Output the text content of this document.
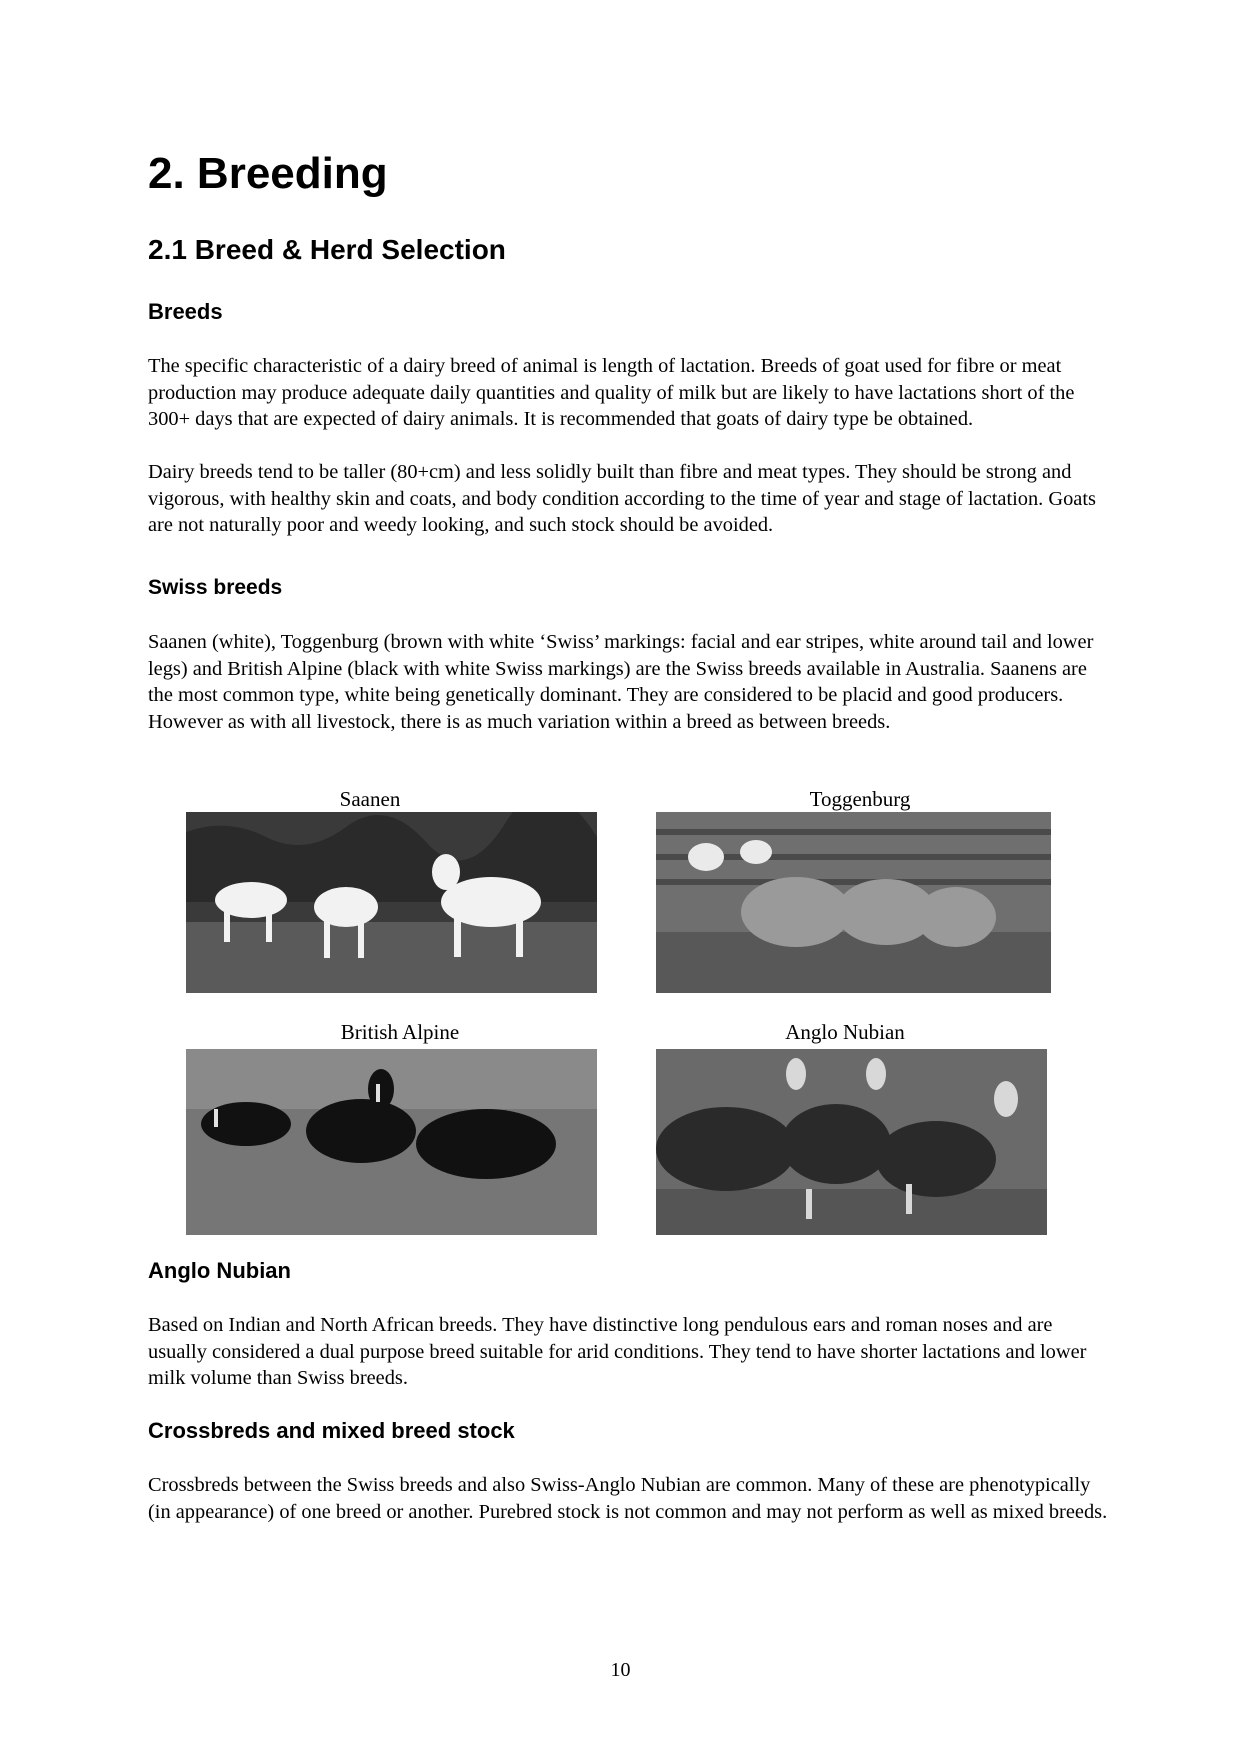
2. Breeding
2.1 Breed & Herd Selection
Breeds

The specific characteristic of a dairy breed of animal is length of lactation. Breeds of goat used for fibre or meat production may produce adequate daily quantities and quality of milk but are likely to have lactations short of the 300+ days that are expected of dairy animals. It is recommended that goats of dairy type be obtained.

Dairy breeds tend to be taller (80+cm) and less solidly built than fibre and meat types. They should be strong and vigorous, with healthy skin and coats, and body condition according to the time of year and stage of lactation. Goats are not naturally poor and weedy looking, and such stock should be avoided.

Swiss breeds

Saanen (white), Toggenburg (brown with white ‘Swiss’ markings: facial and ear stripes, white around tail and lower legs) and British Alpine (black with white Swiss markings) are the Swiss breeds available in Australia. Saanens are the most common type, white being genetically dominant. They are considered to be placid and good producers. However as with all livestock, there is as much variation within a breed as between breeds.

Saanen	Toggenburg
British Alpine	Anglo Nubian
Anglo Nubian

Based on Indian and North African breeds. They have distinctive long pendulous ears and roman noses and are usually considered a dual purpose breed suitable for arid conditions. They tend to have shorter lactations and lower milk volume than Swiss breeds.

Crossbreds and mixed breed stock

Crossbreds between the Swiss breeds and also Swiss-Anglo Nubian are common. Many of these are phenotypically (in appearance) of one breed or another. Purebred stock is not common and may not perform as well as mixed breeds.

10
